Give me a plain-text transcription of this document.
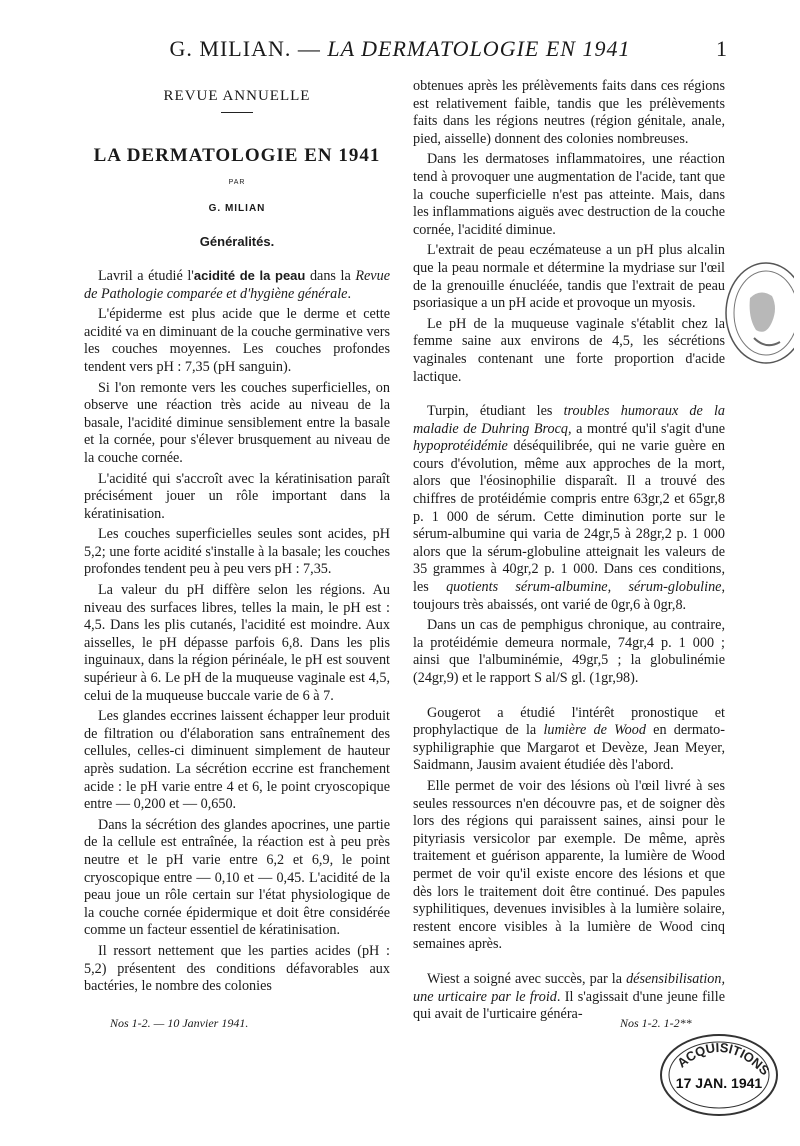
G. MILIAN. — LA DERMATOLOGIE EN 1941	1
REVUE ANNUELLE
LA DERMATOLOGIE EN 1941
PAR
G. MILIAN
Généralités.

Lavril a étudié l'acidité de la peau dans la Revue de Pathologie comparée et d'hygiène générale.

L'épiderme est plus acide que le derme et cette acidité va en diminuant de la couche germinative vers les couches moyennes. Les couches profondes tendent vers pH : 7,35 (pH sanguin).

Si l'on remonte vers les couches superficielles, on observe une réaction très acide au niveau de la basale, l'acidité diminue sensiblement entre la basale et la cornée, pour s'élever brusquement au niveau de la couche cornée.

L'acidité qui s'accroît avec la kératinisation paraît précisément jouer un rôle important dans la kératinisation.

Les couches superficielles seules sont acides, pH 5,2; une forte acidité s'installe à la basale; les couches profondes tendent peu à peu vers pH : 7,35.

La valeur du pH diffère selon les régions. Au niveau des surfaces libres, telles la main, le pH est : 4,5. Dans les plis cutanés, l'acidité est moindre. Aux aisselles, le pH dépasse parfois 6,8. Dans les plis inguinaux, dans la région périnéale, le pH est souvent supérieur à 6. Le pH de la muqueuse vaginale est 4,5, celui de la muqueuse buccale varie de 6 à 7.

Les glandes eccrines laissent échapper leur produit de filtration ou d'élaboration sans entraînement des cellules, celles-ci diminuent simplement de hauteur après sudation. La sécrétion eccrine est franchement acide : le pH varie entre 4 et 6, le point cryoscopique entre — 0,200 et — 0,650.

Dans la sécrétion des glandes apocrines, une partie de la cellule est entraînée, la réaction est à peu près neutre et le pH varie entre 6,2 et 6,9, le point cryoscopique entre — 0,10 et — 0,45. L'acidité de la peau joue un rôle certain sur l'état physiologique de la couche cornée épidermique et doit être considérée comme un facteur essentiel de kératinisation.

Il ressort nettement que les parties acides (pH : 5,2) présentent des conditions défavorables aux bactéries, le nombre des colonies

obtenues après les prélèvements faits dans ces régions est relativement faible, tandis que les prélèvements faits dans les régions neutres (région génitale, anale, pied, aisselle) donnent des colonies nombreuses.

Dans les dermatoses inflammatoires, une réaction tend à provoquer une augmentation de l'acide, tant que la couche superficielle n'est pas atteinte. Mais, dans les inflammations aiguës avec destruction de la couche cornée, l'acidité diminue.

L'extrait de peau eczémateuse a un pH plus alcalin que la peau normale et détermine la mydriase sur l'œil de la grenouille énucléée, tandis que l'extrait de peau psoriasique a un pH acide et provoque un myosis.

Le pH de la muqueuse vaginale s'établit chez la femme saine aux environs de 4,5, les sécrétions vaginales contenant une forte proportion d'acide lactique.

Turpin, étudiant les troubles humoraux de la maladie de Duhring Brocq, a montré qu'il s'agit d'une hypoprotéidémie déséquilibrée, qui ne varie guère en cours d'évolution, même aux approches de la mort, alors que l'éosinophilie disparaît. Il a trouvé des chiffres de protéidémie compris entre 63gr,2 et 65gr,8 p. 1 000 de sérum. Cette diminution porte sur le sérum-albumine qui varia de 24gr,5 à 28gr,2 p. 1 000 alors que la sérum-globuline atteignait les valeurs de 35 grammes à 40gr,2 p. 1 000. Dans ces conditions, les quotients sérum-albumine, sérum-globuline, toujours très abaissés, ont varié de 0gr,6 à 0gr,8.

Dans un cas de pemphigus chronique, au contraire, la protéidémie demeura normale, 74gr,4 p. 1 000 ; ainsi que l'albuminémie, 49gr,5 ; la globulinémie (24gr,9) et le rapport S al/S gl. (1gr,98).

Gougerot a étudié l'intérêt pronostique et prophylactique de la lumière de Wood en dermato-syphiligraphie que Margarot et Devèze, Jean Meyer, Saidmann, Jausim avaient étudiée dès l'abord.

Elle permet de voir des lésions où l'œil livré à ses seules ressources n'en découvre pas, et de soigner dès lors des régions qui paraissent saines, ainsi pour le pityriasis versicolor par exemple. De même, après traitement et guérison apparente, la lumière de Wood permet de voir qu'il existe encore des lésions et que dès lors le traitement doit être continué. Des papules syphilitiques, devenues invisibles à la lumière solaire, restent encore visibles à la lumière de Wood cinq semaines après.

Wiest a soigné avec succès, par la désensibilisation, une urticaire par le froid. Il s'agissait d'une jeune fille qui avait de l'urticaire généra-

Nos 1-2. — 10 Janvier 1941.	Nos 1-2. 1-2**
ACQUISITIONS
17 JAN. 1941
